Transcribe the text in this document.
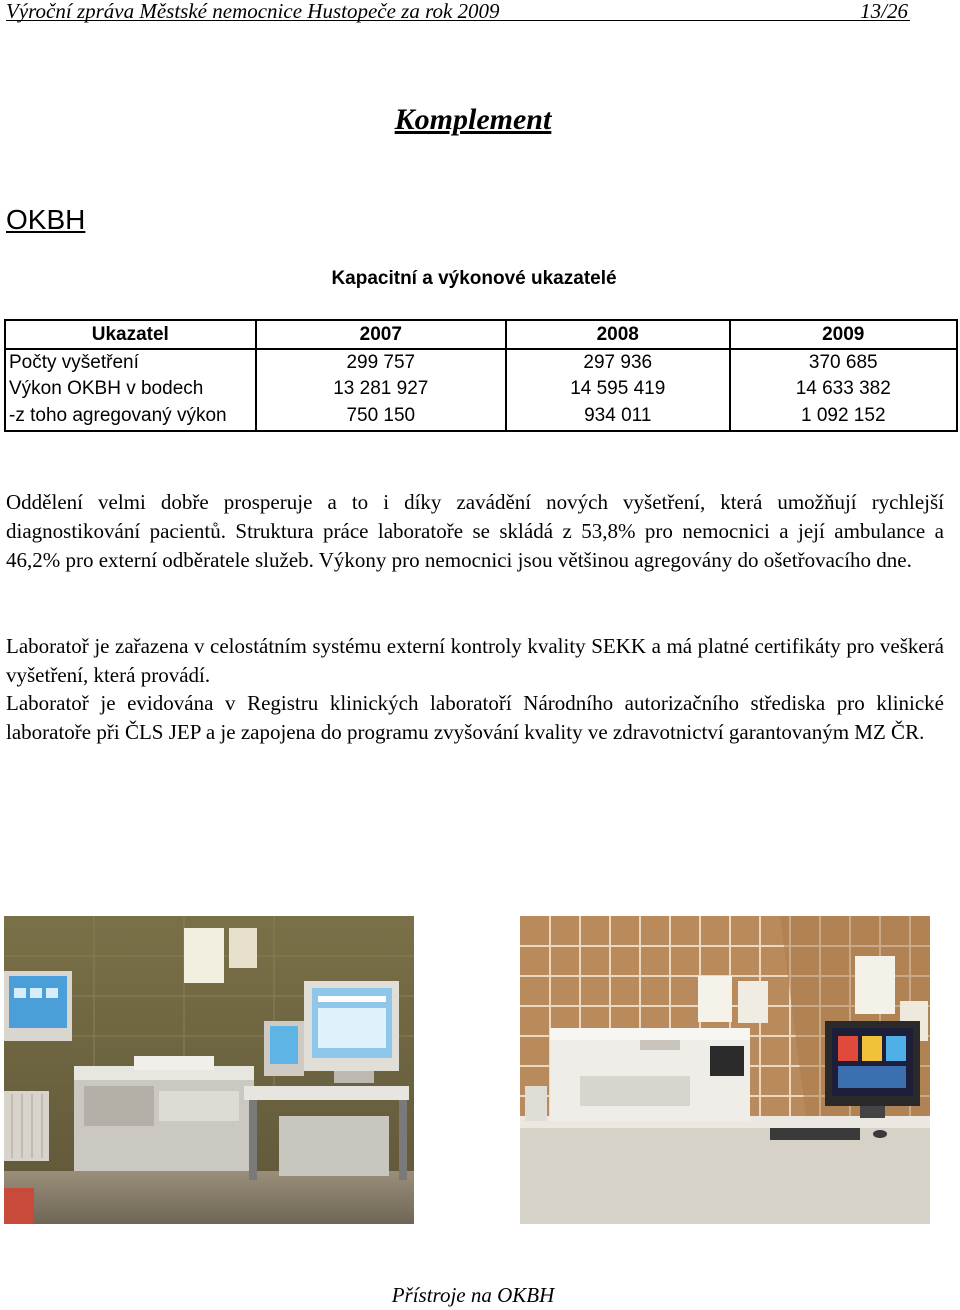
Výroční zpráva Městské nemocnice Hustopeče za rok 2009	13/26
Komplement
OKBH
Kapacitní a výkonové ukazatelé
Ukazatel	2007	2008	2009
Počty vyšetření	299 757	297 936	370 685
Výkon OKBH v bodech	13 281 927	14 595 419	14 633 382
-z toho agregovaný výkon	750 150	934 011	1 092 152

Oddělení velmi dobře prosperuje a to i díky zavádění nových vyšetření, která umožňují rychlejší diagnostikování pacientů. Struktura práce laboratoře se skládá z 53,8% pro nemocnici a její ambulance a 46,2% pro externí odběratele služeb. Výkony pro nemocnici jsou většinou agregovány do ošetřovacího dne.

Laboratoř je zařazena v celostátním systému externí kontroly kvality SEKK a má platné certifikáty pro veškerá vyšetření, která provádí.

Laboratoř je evidována v Registru klinických laboratoří Národního autorizačního střediska pro klinické laboratoře při ČLS JEP a je zapojena do programu zvyšování kvality ve zdravotnictví garantovaným MZ ČR.

Přístroje na OKBH
